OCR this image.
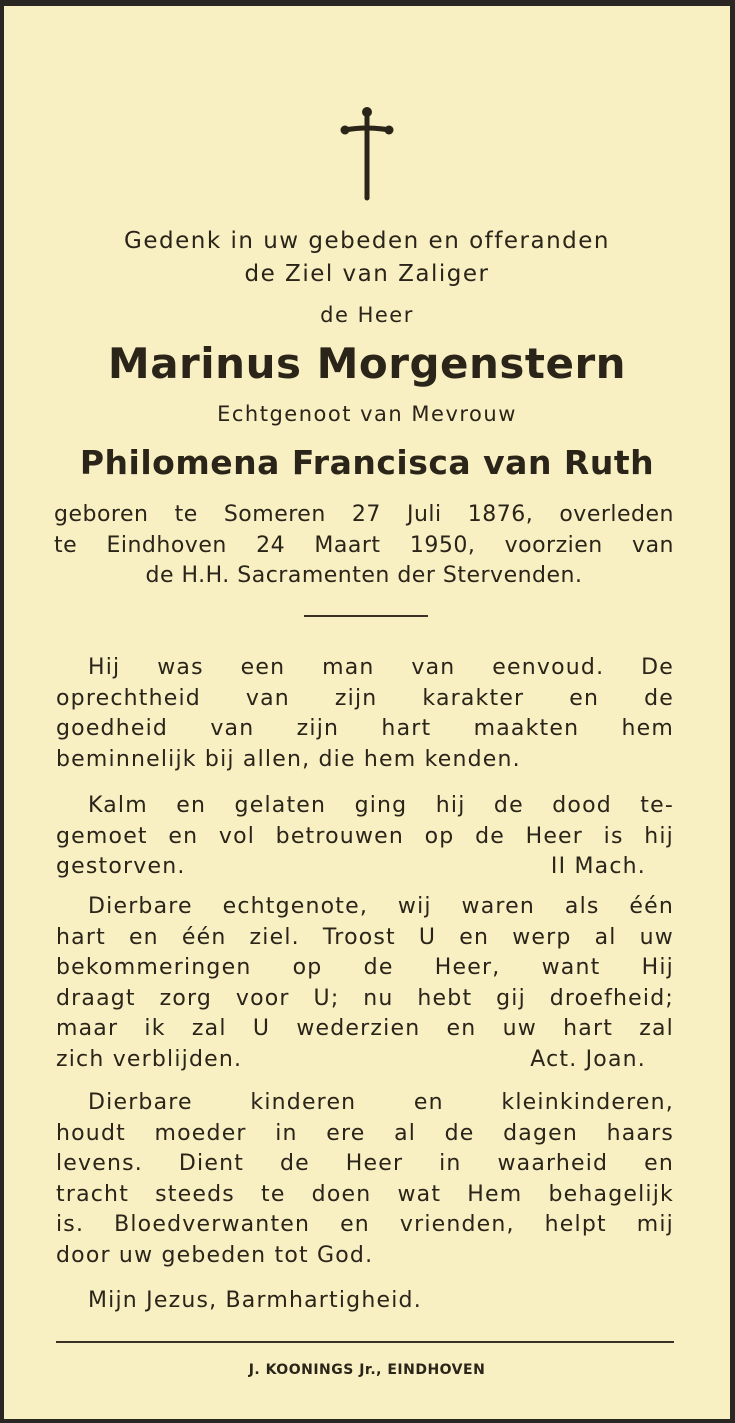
Gedenk in uw gebeden en offeranden
de Ziel van Zaliger
de Heer
Marinus Morgenstern
Echtgenoot van Mevrouw
Philomena Francisca van Ruth
geboren te Someren 27 Juli 1876, overleden
te Eindhoven 24 Maart 1950, voorzien van
de H.H. Sacramenten der Stervenden.
Hij was een man van eenvoud. De
oprechtheid van zijn karakter en de
goedheid van zijn hart maakten hem
beminnelijk bij allen, die hem kenden.
Kalm en gelaten ging hij de dood te-
gemoet en vol betrouwen op de Heer is hij
gestorven.	II Mach.
Dierbare echtgenote, wij waren als één
hart en één ziel. Troost U en werp al uw
bekommeringen op de Heer, want Hij
draagt zorg voor U; nu hebt gij droefheid;
maar ik zal U wederzien en uw hart zal
zich verblijden.	Act. Joan.
Dierbare kinderen en kleinkinderen,
houdt moeder in ere al de dagen haars
levens. Dient de Heer in waarheid en
tracht steeds te doen wat Hem behagelijk
is. Bloedverwanten en vrienden, helpt mij
door uw gebeden tot God.
Mijn Jezus, Barmhartigheid.
J. KOONINGS Jr., EINDHOVEN
